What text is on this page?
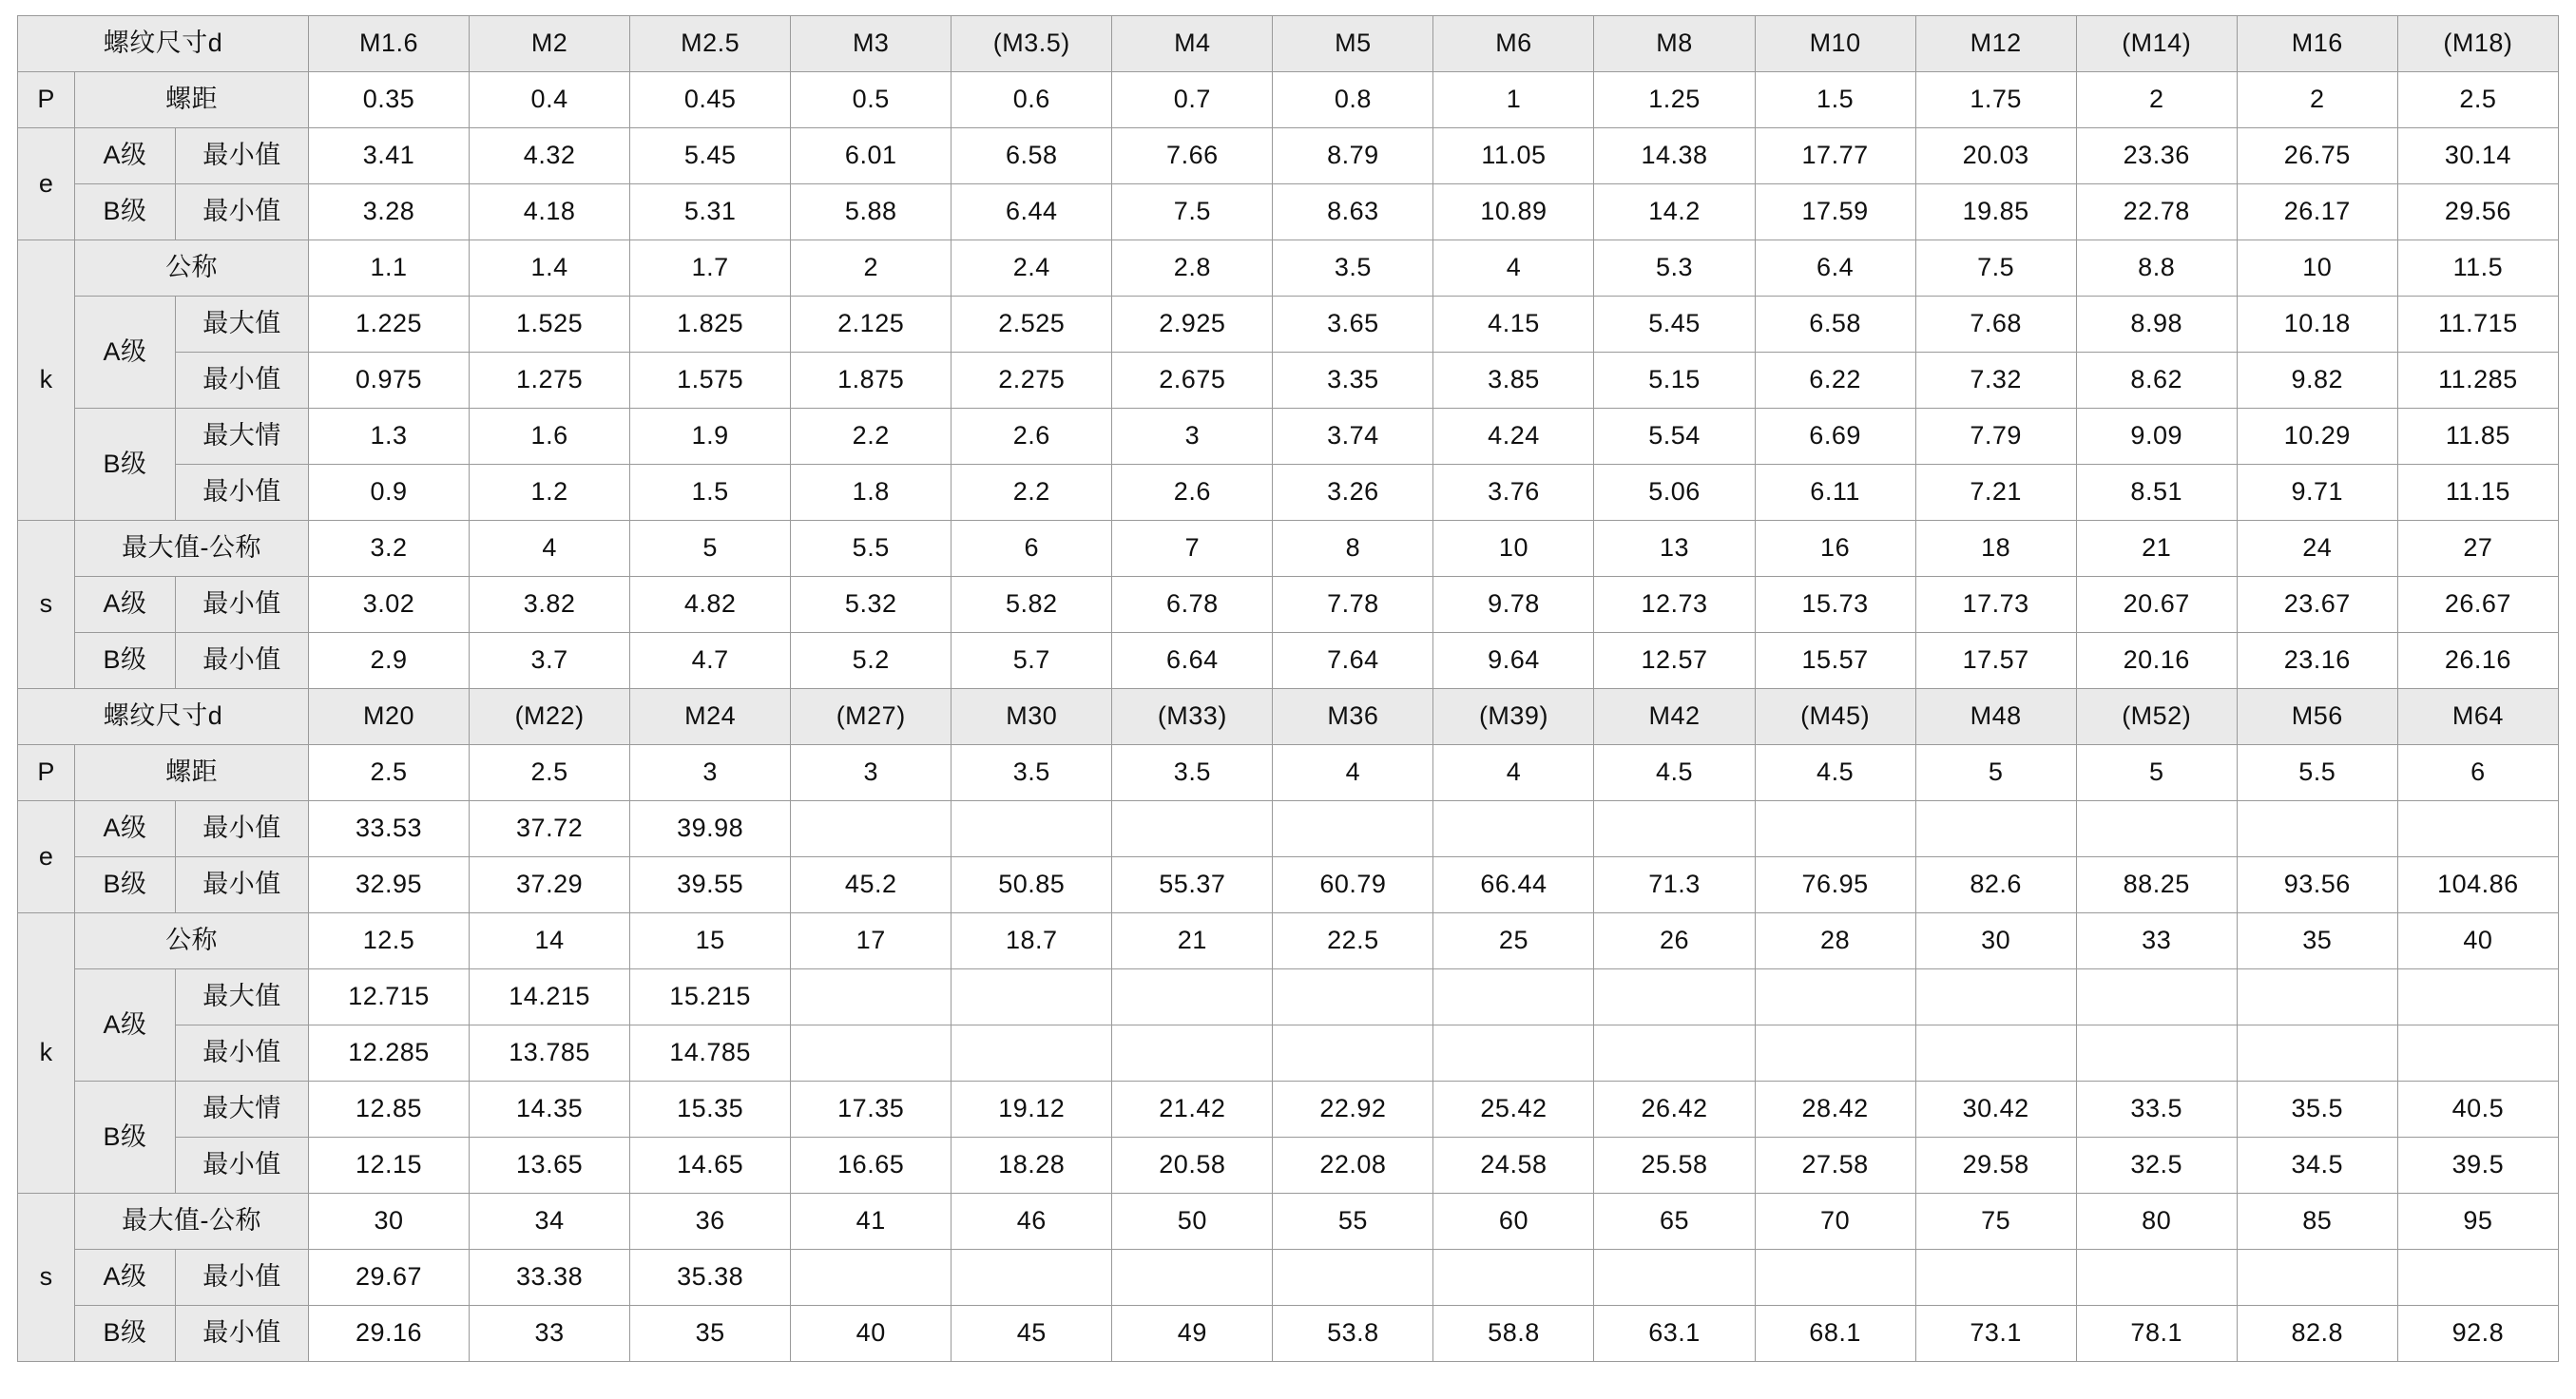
螺纹尺寸d			M1.6	M2	M2.5	M3	(M3.5)	M4	M5	M6	M8	M10	M12	(M14)	M16	(M18)
P	螺距		0.35	0.4	0.45	0.5	0.6	0.7	0.8	1	1.25	1.5	1.75	2	2	2.5
e	A级	最小值	3.41	4.32	5.45	6.01	6.58	7.66	8.79	11.05	14.38	17.77	20.03	23.36	26.75	30.14
	B级	最小值	3.28	4.18	5.31	5.88	6.44	7.5	8.63	10.89	14.2	17.59	19.85	22.78	26.17	29.56
k	公称		1.1	1.4	1.7	2	2.4	2.8	3.5	4	5.3	6.4	7.5	8.8	10	11.5
	A级	最大值	1.225	1.525	1.825	2.125	2.525	2.925	3.65	4.15	5.45	6.58	7.68	8.98	10.18	11.715
		最小值	0.975	1.275	1.575	1.875	2.275	2.675	3.35	3.85	5.15	6.22	7.32	8.62	9.82	11.285
	B级	最大情	1.3	1.6	1.9	2.2	2.6	3	3.74	4.24	5.54	6.69	7.79	9.09	10.29	11.85
		最小值	0.9	1.2	1.5	1.8	2.2	2.6	3.26	3.76	5.06	6.11	7.21	8.51	9.71	11.15
s	最大值-公称		3.2	4	5	5.5	6	7	8	10	13	16	18	21	24	27
	A级	最小值	3.02	3.82	4.82	5.32	5.82	6.78	7.78	9.78	12.73	15.73	17.73	20.67	23.67	26.67
	B级	最小值	2.9	3.7	4.7	5.2	5.7	6.64	7.64	9.64	12.57	15.57	17.57	20.16	23.16	26.16
螺纹尺寸d			M20	(M22)	M24	(M27)	M30	(M33)	M36	(M39)	M42	(M45)	M48	(M52)	M56	M64
P	螺距		2.5	2.5	3	3	3.5	3.5	4	4	4.5	4.5	5	5	5.5	6
e	A级	最小值	33.53	37.72	39.98											
	B级	最小值	32.95	37.29	39.55	45.2	50.85	55.37	60.79	66.44	71.3	76.95	82.6	88.25	93.56	104.86
k	公称		12.5	14	15	17	18.7	21	22.5	25	26	28	30	33	35	40
	A级	最大值	12.715	14.215	15.215											
		最小值	12.285	13.785	14.785											
	B级	最大情	12.85	14.35	15.35	17.35	19.12	21.42	22.92	25.42	26.42	28.42	30.42	33.5	35.5	40.5
		最小值	12.15	13.65	14.65	16.65	18.28	20.58	22.08	24.58	25.58	27.58	29.58	32.5	34.5	39.5
s	最大值-公称		30	34	36	41	46	50	55	60	65	70	75	80	85	95
	A级	最小值	29.67	33.38	35.38											
	B级	最小值	29.16	33	35	40	45	49	53.8	58.8	63.1	68.1	73.1	78.1	82.8	92.8
